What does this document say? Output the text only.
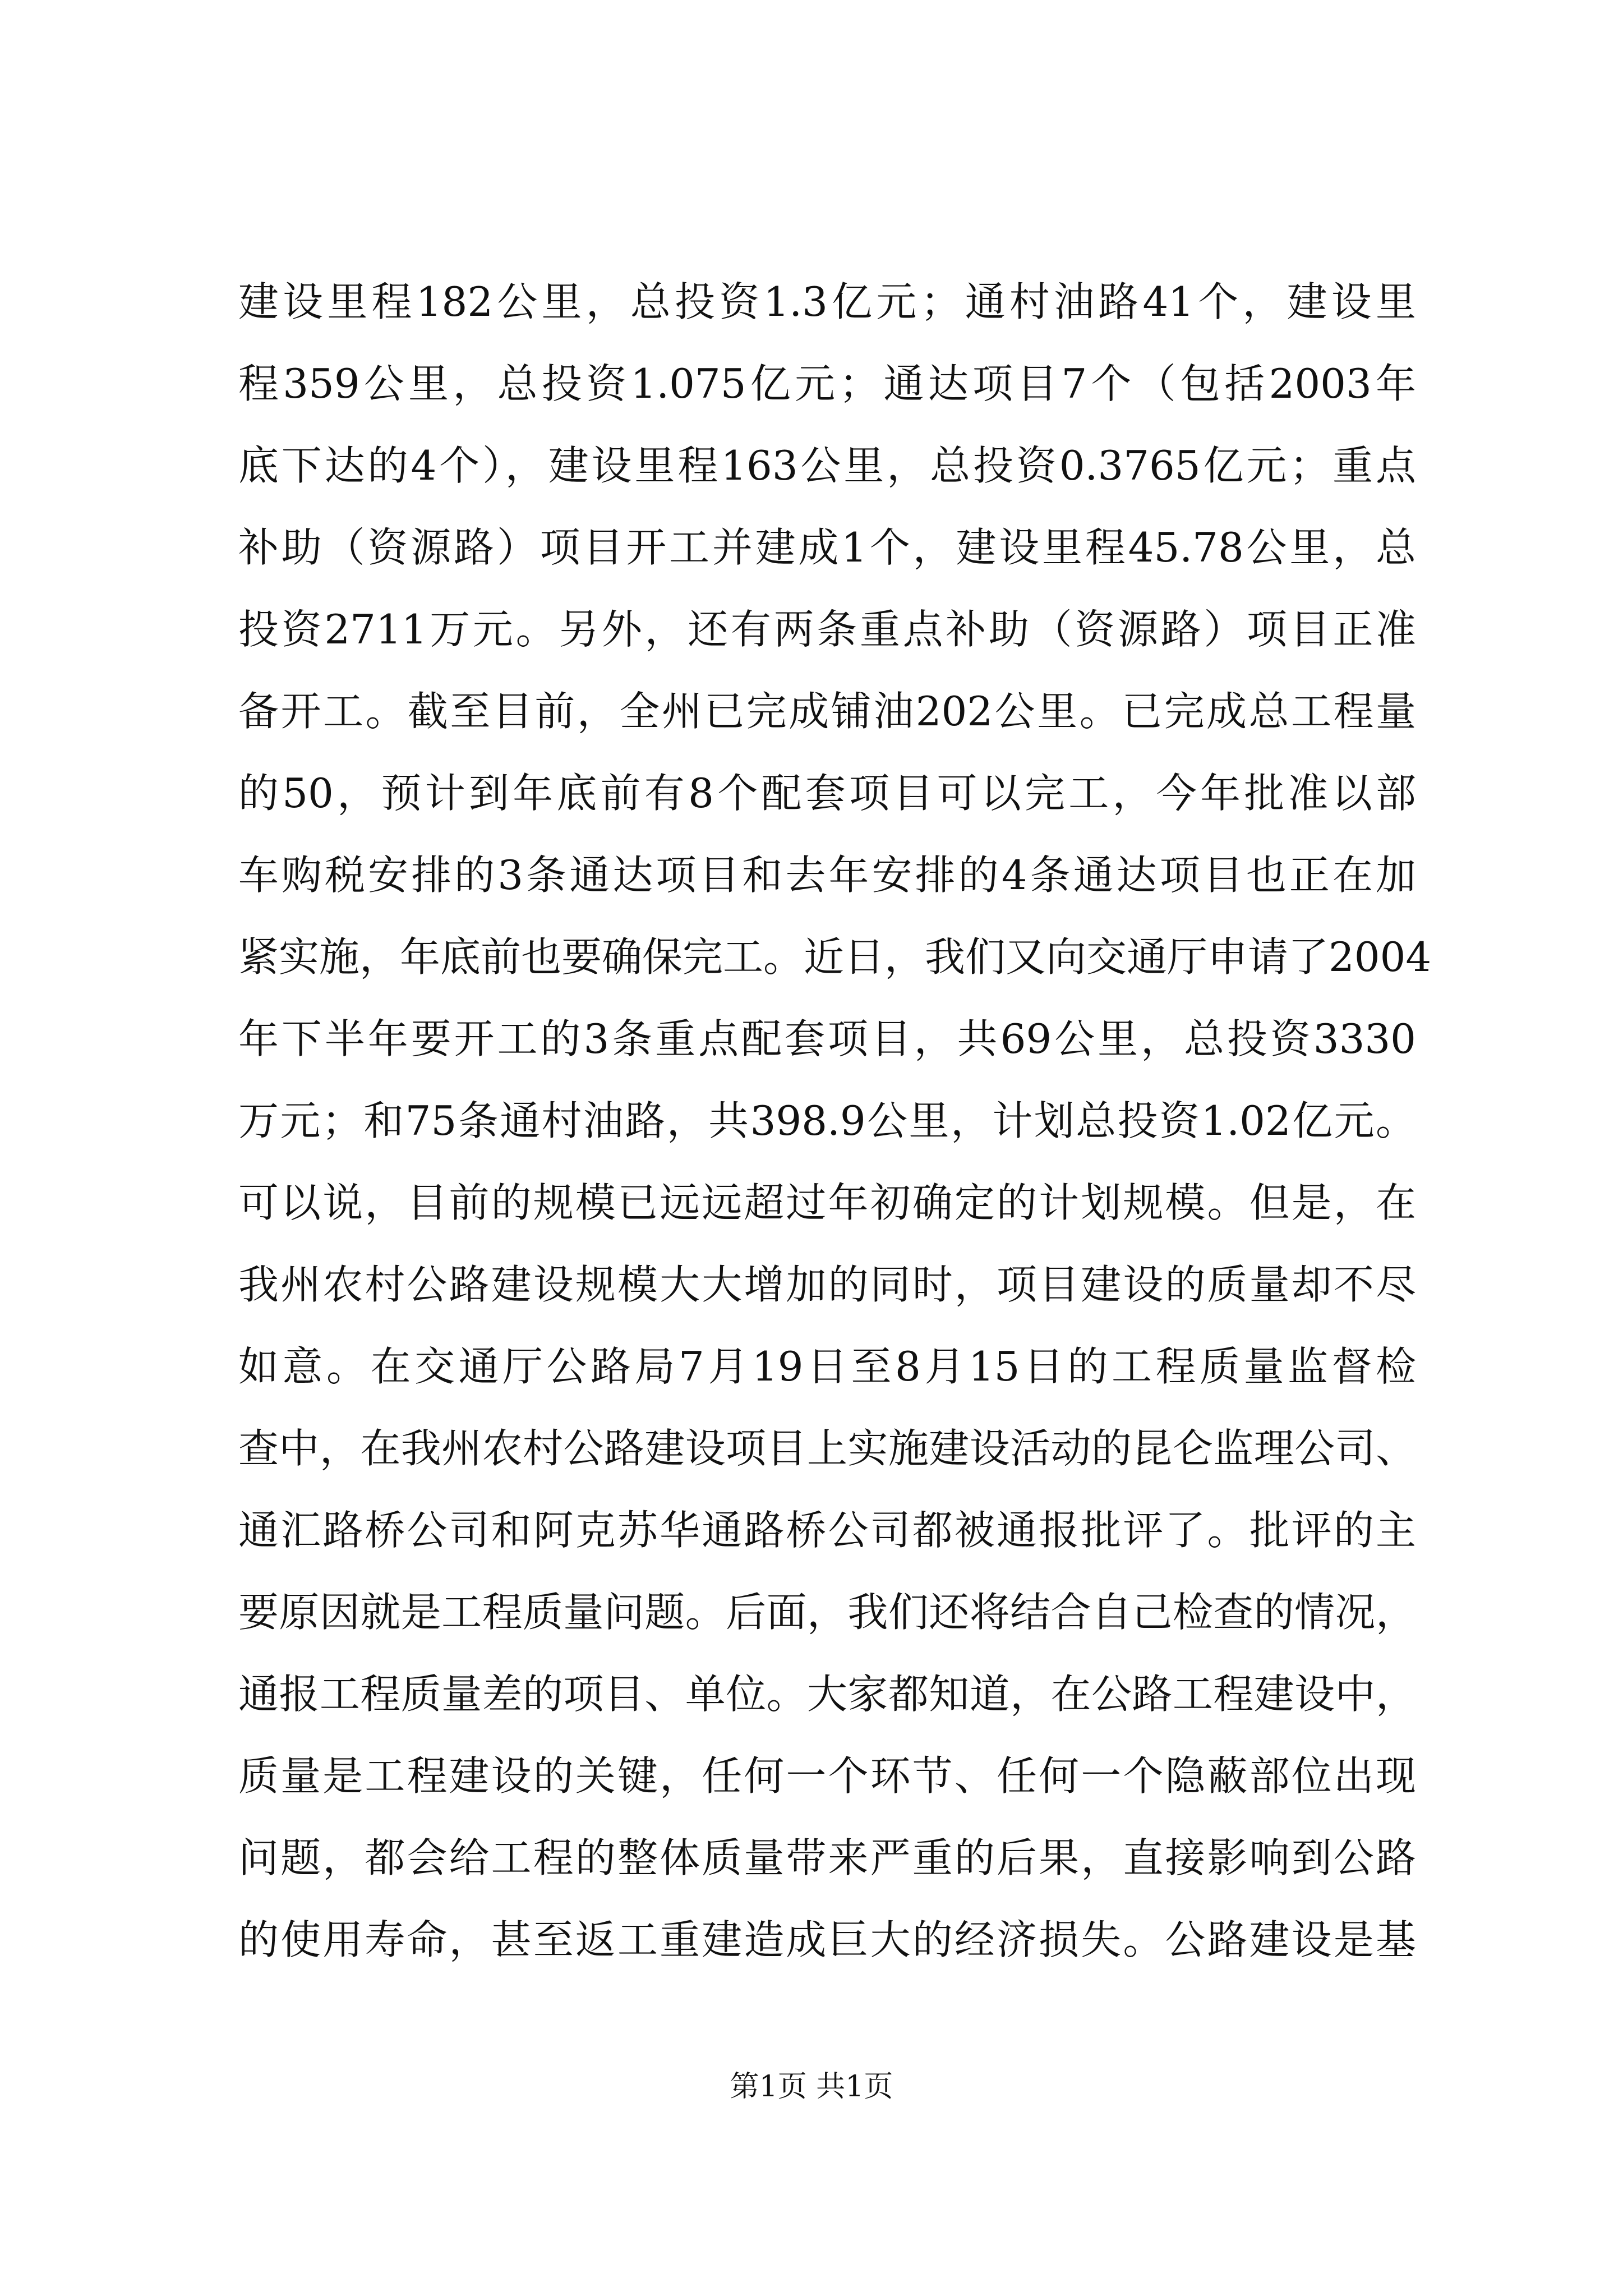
建设里程182公里，总投资1.3亿元；通村油路41个，建设里
程359公里，总投资1.075亿元；通达项目7个（包括2003年
底下达的4个），建设里程163公里，总投资0.3765亿元；重点
补助（资源路）项目开工并建成1个，建设里程45.78公里，总
投资2711万元。另外，还有两条重点补助（资源路）项目正准
备开工。截至目前，全州已完成铺油202公里。已完成总工程量
的50，预计到年底前有8个配套项目可以完工，今年批准以部
车购税安排的3条通达项目和去年安排的4条通达项目也正在加
紧实施，年底前也要确保完工。近日，我们又向交通厅申请了2004
年下半年要开工的3条重点配套项目，共69公里，总投资3330
万元；和75条通村油路，共398.9公里，计划总投资1.02亿元。
可以说，目前的规模已远远超过年初确定的计划规模。但是，在
我州农村公路建设规模大大增加的同时，项目建设的质量却不尽
如意。在交通厅公路局7月19日至8月15日的工程质量监督检
查中，在我州农村公路建设项目上实施建设活动的昆仑监理公司、
通汇路桥公司和阿克苏华通路桥公司都被通报批评了。批评的主
要原因就是工程质量问题。后面，我们还将结合自己检查的情况，
通报工程质量差的项目、单位。大家都知道，在公路工程建设中，
质量是工程建设的关键，任何一个环节、任何一个隐蔽部位出现
问题，都会给工程的整体质量带来严重的后果，直接影响到公路
的使用寿命，甚至返工重建造成巨大的经济损失。公路建设是基
第1页 共1页
